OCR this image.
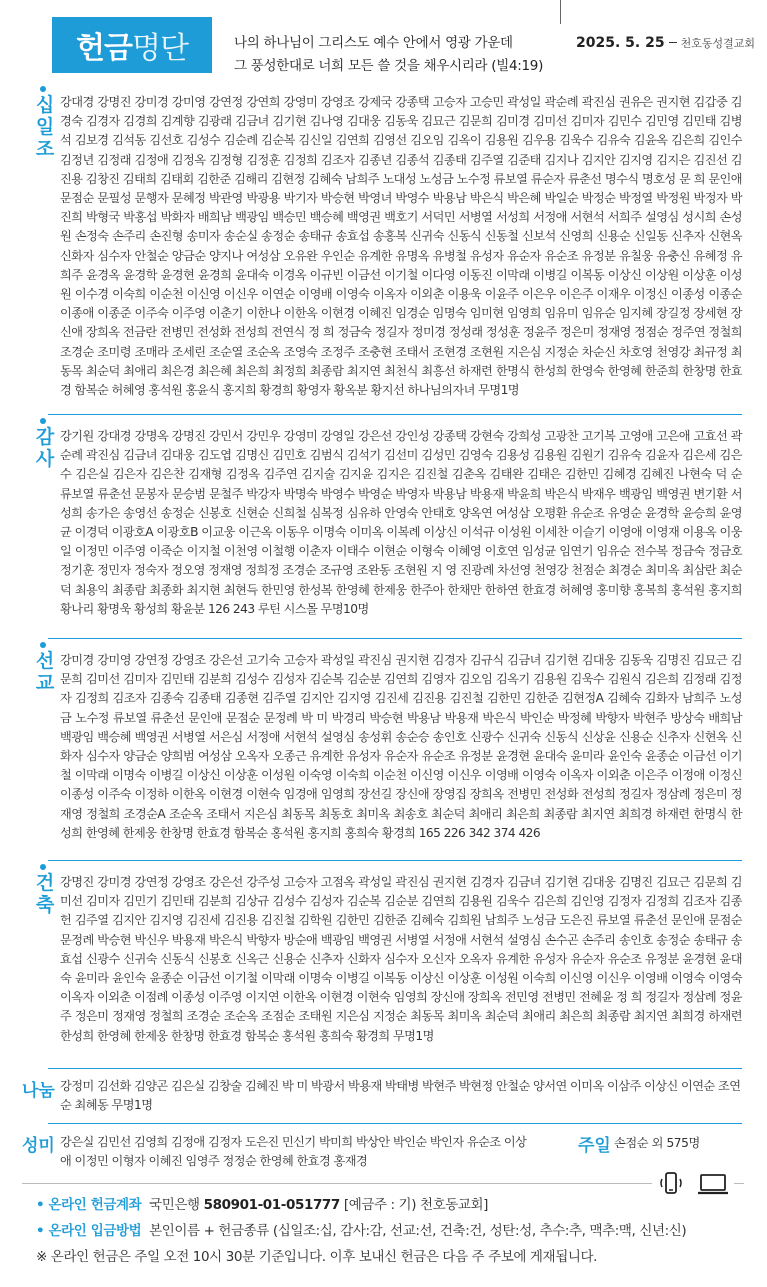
헌금 명단	나의 하나님이 그리스도 예수 안에서 영광 가운데
그 풍성한대로 너희 모든 쓸 것을 채우시리라 (빌4:19)
2025. 5. 25 천호동성결교회
십
일
조
강대경 강명진 강미경 강미영 강연정 강연희 강영미 강영조 강제국 강종택 고승자 고승민 곽성일 곽순례 곽진심 권유은 권지현 김갑중 김경숙 김경자 김경희 김계향 김광래 김금녀 김기현 김나영 김대웅 김동욱 김묘근 김문희 김미경 김미선 김미자 김민수 김민영 김민태 김병석 김보경 김석동 김선호 김성수 김순례 김순복 김신일 김연희 김영선 김오임 김옥이 김용원 김우용 김욱수 김유숙 김윤옥 김은희 김인수 김정년 김정래 김정애 김정옥 김정형 김정훈 김정희 김조자 김종년 김종석 김종태 김주열 김준태 김지나 김지안 김지영 김지은 김진선 김진용 김창진 김태희 김태회 김한준 김해리 김현정 김혜숙 남희주 노대성 노성금 노수정 류보열 류순자 류춘선 명수식 명호성 문 희 문인애 문점순 문필성 문행자 문혜정 박관영 박광용 박기자 박승현 박영녀 박영수 박용남 박은식 박은혜 박일순 박정순 박정열 박정원 박정자 박진희 박형국 박홍섭 박화자 배희남 백광임 백승민 백승혜 백영권 백호기 서덕민 서병열 서성희 서정애 서현석 서희주 설영심 성시희 손성원 손정숙 손주리 손진형 송미자 송순실 송정순 송태규 송효섭 송홍복 신귀숙 신동식 신동철 신보석 신영희 신용순 신일동 신추자 신현옥 신화자 심수자 안철순 양금순 양지나 여성삼 오유완 우인순 유계한 유명옥 유병철 유성자 유순자 유순조 유정분 유칠웅 유충신 유혜정 유희주 윤경옥 윤경학 윤경현 윤경희 윤대숙 이경옥 이규빈 이금선 이기철 이다영 이동진 이막래 이병길 이복동 이상신 이상원 이상훈 이성원 이수경 이숙희 이순천 이신영 이신우 이연순 이영배 이영숙 이옥자 이외춘 이용욱 이윤주 이은우 이은주 이재우 이정신 이종성 이종순 이종애 이종준 이주숙 이주영 이춘기 이한나 이한옥 이현경 이혜진 임경순 임명숙 임미현 임영희 임유미 임유순 임지혜 장길정 장세현 장신애 장희옥 전금란 전병민 전성화 전성희 전연식 정 희 정금숙 정길자 정미경 정성래 정성훈 정윤주 정은미 정재영 정점순 정주연 정철희 조경순 조미령 조매라 조세린 조순열 조순옥 조영숙 조정주 조충현 조태서 조현경 조현원 지은심 지정순 차순신 차호영 천영강 최규정 최동목 최순덕 최애리 최은경 최은혜 최은희 최정희 최종람 최지연 최천식 최흥선 하재련 한명식 한성희 한영숙 한영혜 한준희 한창명 한효경 함복순 허혜영 홍석원 홍윤식 홍지희 황경희 황영자 황옥분 황지선 하나님의자녀 무명1명
감
사
강기원 강대경 강명옥 강명진 강민서 강민우 강영미 강영일 강은선 강인성 강종택 강현숙 강희성 고광찬 고기복 고영애 고은애 고효선 곽순례 곽진심 김금녀 김대웅 김도엽 김명신 김민호 김범식 김석기 김선미 김성민 김영숙 김용성 김용원 김원기 김유숙 김윤자 김은세 김은수 김은실 김은자 김은찬 김재형 김정옥 김주연 김지술 김지윤 김지은 김진철 김춘옥 김태완 김태은 김한민 김혜경 김혜진 나현숙 덕 순 류보열 류춘선 문봉자 문승범 문철주 박강자 박명숙 박영수 박영순 박영자 박용남 박용재 박윤희 박은식 박재우 백광임 백영권 변기환 서성희 송가은 송영선 송정순 신봉호 신현순 신희철 심복정 심유하 안영숙 안태호 양옥연 여성삼 오평환 유순조 유영순 윤경학 윤승희 윤영균 이경덕 이광호A 이광호B 이교웅 이근옥 이동우 이명숙 이미옥 이복례 이상신 이석규 이성원 이세찬 이슬기 이영애 이영재 이용옥 이웅일 이정민 이주영 이죽순 이지철 이천영 이철행 이춘자 이태수 이현순 이형숙 이혜영 이호연 임성균 임연기 임유순 전수복 정금숙 정금호 정기훈 정민자 정숙자 정오영 정재영 정희정 조경순 조규영 조완동 조현원 지 영 진광례 차선영 천영강 천점순 최경순 최미옥 최삼란 최순덕 최용익 최종람 최종화 최지현 최현득 한민영 한성복 한영혜 한제웅 한주아 한채만 한하연 한효경 허혜영 홍미향 홍복희 홍석원 홍지희 황나리 황명욱 황성희 황윤분 126 243 루틴 시스몰 무명10명
선
교
강미경 강미영 강연정 강영조 강은선 고기숙 고승자 곽성일 곽진심 권지현 김경자 김규식 김금녀 김기현 김대웅 김동욱 김명진 김묘근 김문희 김미선 김미자 김민태 김분희 김성수 김성자 김순복 김순분 김연희 김영자 김오임 김옥기 김용원 김욱수 김원식 김은희 김정래 김정자 김정희 김조자 김종숙 김종태 김종현 김주열 김지안 김지영 김진세 김진용 김진철 김한민 김한준 김현정A 김혜숙 김화자 남희주 노성금 노수정 류보열 류춘선 문인애 문점순 문정례 박 미 박경리 박승현 박용남 박용재 박은식 박인순 박정혜 박향자 박현주 방상숙 배희남 백광임 백승혜 백영권 서병열 서은심 서정애 서현석 설영심 송성휘 송순승 송인호 신광수 신귀숙 신동식 신상윤 신용순 신추자 신현옥 신화자 심수자 양금순 양희범 여성삼 오옥자 오종근 유계한 유성자 유순자 유순조 유정분 윤경현 윤대숙 윤미라 윤인숙 윤종순 이금선 이기철 이막래 이명숙 이병길 이상신 이상훈 이성원 이숙영 이숙희 이순천 이신영 이신우 이영배 이영숙 이옥자 이외춘 이은주 이정애 이정신 이종성 이주숙 이정하 이한옥 이현경 이현숙 임경애 임영희 장선길 장신애 장영집 장희옥 전병민 전성화 전성희 정길자 정삼례 정은미 정재영 정철희 조경순A 조순옥 조태서 지은심 최동목 최동호 최미옥 최송호 최순덕 최애리 최은희 최종람 최지연 최희경 하재련 한명식 한성희 한영혜 한제웅 한창명 한효경 함복순 홍석원 홍지희 홍희숙 황경희 165 226 342 374 426
건
축
강명진 강미경 강연정 강영조 강은선 강주성 고승자 고점옥 곽성일 곽진심 권지현 김경자 김금녀 김기현 김대웅 김명진 김묘근 김문희 김미선 김미자 김민기 김민태 김분희 김상규 김성수 김성자 김순복 김순분 김연희 김용원 김욱수 김은희 김인영 김정자 김정희 김조자 김종헌 김주열 김지안 김지영 김진세 김진용 김진철 김학원 김한민 김한준 김혜숙 김희원 남희주 노성금 도은진 류보열 류춘선 문인애 문점순 문정례 박승현 박신우 박용재 박은식 박향자 방순애 백광임 백영권 서병열 서정애 서현석 설영심 손수곤 손주리 송인호 송정순 송태규 송효섭 신광수 신귀숙 신동식 신봉호 신옥근 신용순 신추자 신화자 심수자 오신자 오옥자 유계한 유성자 유순자 유순조 유정분 윤경현 윤대숙 윤미라 윤인숙 윤종순 이금선 이기철 이막래 이명숙 이병길 이복동 이상신 이상훈 이성원 이숙희 이신영 이신우 이영배 이영숙 이영숙 이옥자 이외춘 이점례 이종성 이주영 이지연 이한옥 이현경 이현숙 임영희 장신애 장희옥 전민영 전병민 전혜윤 정 희 정길자 정삼례 정윤주 정은미 정재영 정철희 조경순 조순옥 조점순 조태원 지은심 지정순 최동목 최미옥 최순덕 최애리 최은희 최종람 최지연 최희경 하재련 한성희 한영혜 한제웅 한창명 한효경 함복순 홍석원 홍희숙 황경희 무명1명
나눔 강정미 김선화 김양곤 김은실 김창술 김혜진 박 미 박광서 박용재 박태병 박현주 박현정 안철순 양서연 이미옥 이삼주 이상신 이연순 조연순 최혜동 무명1명
성미 강은실 김민선 김영희 김정애 김정자 도은진 민신기 박미희 박상안 박인순 박인자 유순조 이상애 이정민 이형자 이혜진 임영주 정정순 한영혜 한효경 홍재경
주일 손점순 외 575명
• 온라인 헌금계좌 국민은행 580901-01-051777 [예금주 : 기) 천호동교회]
• 온라인 입금방법 본인이름 + 헌금종류 (십일조:십, 감사:감, 선교:선, 건축:건, 성탄:성, 추수:추, 맥추:맥, 신년:신)
※ 온라인 헌금은 주일 오전 10시 30분 기준입니다. 이후 보내신 헌금은 다음 주 주보에 게재됩니다.
